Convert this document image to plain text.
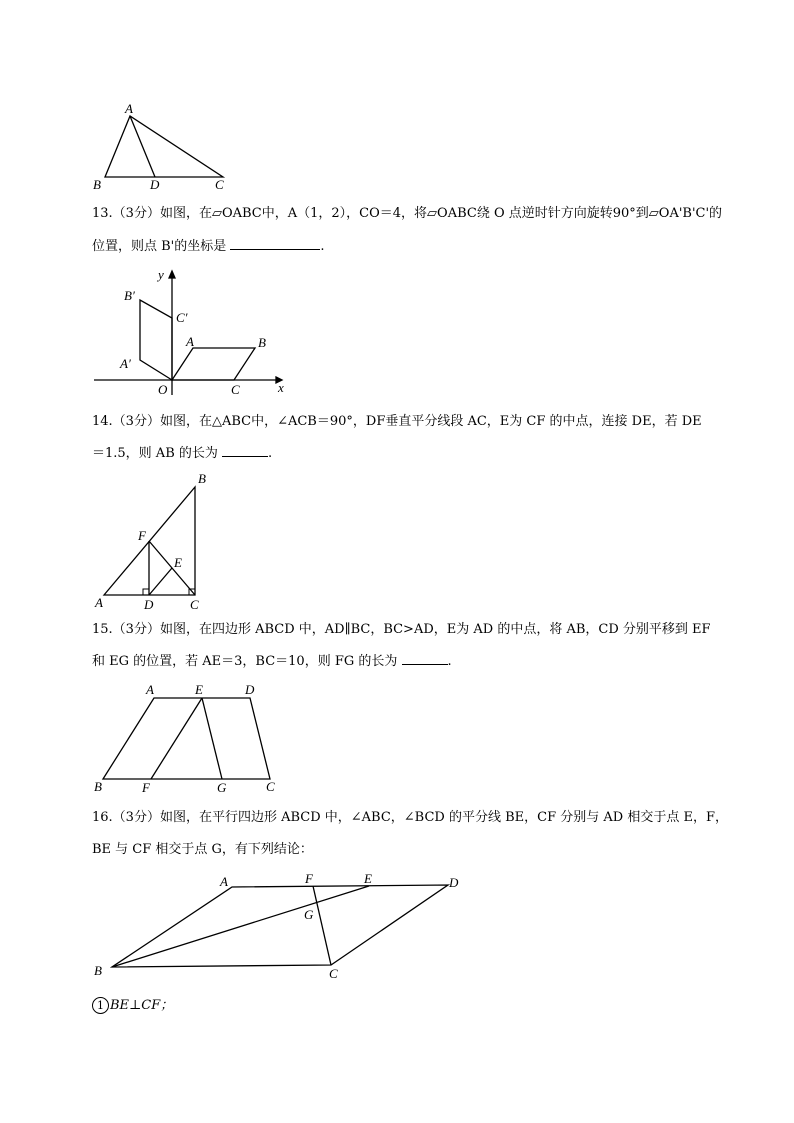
A
B	D	C
13.（3分）如图，在▱OABC中，A（1，2），CO＝4，将▱OABC绕 O 点逆时针方向旋转90°到▱OA'B'C'的
位置，则点 B'的坐标是	.
y
B′
C′
A	B
A′
O	C	x
14.（3分）如图，在△ABC中，∠ACB＝90°，DF垂直平分线段 AC，E为 CF 的中点，连接 DE，若 DE
＝1.5，则 AB 的长为	.
B
F
E
A	D	C
15.（3分）如图，在四边形 ABCD 中，AD∥BC，BC>AD，E为 AD 的中点，将 AB，CD 分别平移到 EF
和 EG 的位置，若 AE＝3，BC＝10，则 FG 的长为	.
A	E	D
B	F	G	C
16.（3分）如图，在平行四边形 ABCD 中，∠ABC，∠BCD 的平分线 BE，CF 分别与 AD 相交于点 E，F，
BE 与 CF 相交于点 G，有下列结论：
A	F	E	D
G
B	C
1 BE⊥CF；
